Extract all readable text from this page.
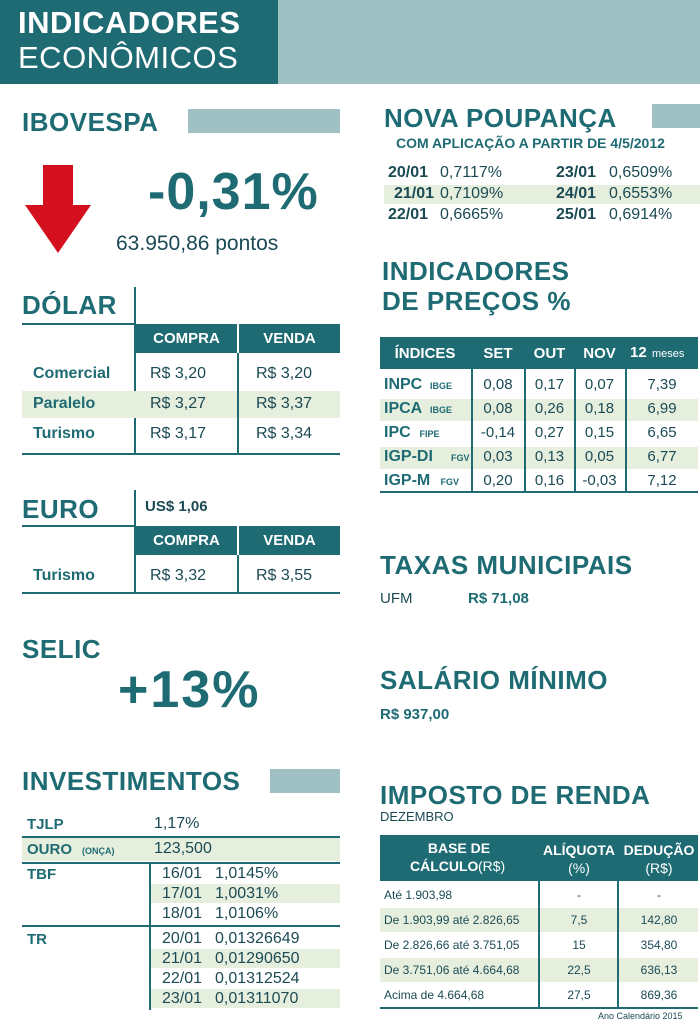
INDICADORES
ECONÔMICOS
IBOVESPA
-0,31%
63.950,86 pontos
DÓLAR
COMPRA	VENDA
Comercial R$ 3,20	R$ 3,20
Paralelo	R$ 3,27	R$ 3,37
Turismo	R$ 3,17	R$ 3,34
EURO	US$ 1,06
COMPRA	VENDA
Turismo	R$ 3,32	R$ 3,55
SELIC
+13%
INVESTIMENTOS
TJLP	1,17%
OURO (ONÇA) 123,500
TBF	16/01 1,0145%
17/01 1,0031%
18/01 1,0106%
TR	20/01 0,01326649
21/01 0,01290650
22/01 0,01312524
23/01 0,01311070
NOVA POUPANÇA
COM APLICAÇÃO A PARTIR DE 4/5/2012
20/01 0,7117%
21/01 0,7109%
22/01 0,6665%
23/01 0,6509%
24/01 0,6553%
25/01 0,6914%
INDICADORES
DE PREÇOS %
ÍNDICES	SET	OUT	NOV 12 meses
INPC IBGE	0,08	0,17	0,07	7,39
IPCA IBGE	0,08	0,26	0,18	6,99
IPC FIPE	-0,14	0,27	0,15	6,65
IGP-DI FGV 0,03	0,13	0,05	6,77
IGP-M FGV	0,20	0,16	-0,03	7,12
TAXAS MUNICIPAIS
UFM	R$ 71,08
SALÁRIO MÍNIMO
R$ 937,00
IMPOSTO DE RENDA
DEZEMBRO
BASE DE
CÁLCULO (R$)
ALÍQUOTA
(%)
DEDUÇÃO
(R$)
Até 1.903,98	-	-
De 1.903,99 até 2.826,65	7,5	142,80
De 2.826,66 até 3.751,05	15	354,80
De 3.751,06 até 4.664,68	22,5	636,13
Acima de 4.664,68	27,5	869,36
Ano Calendário 2015
